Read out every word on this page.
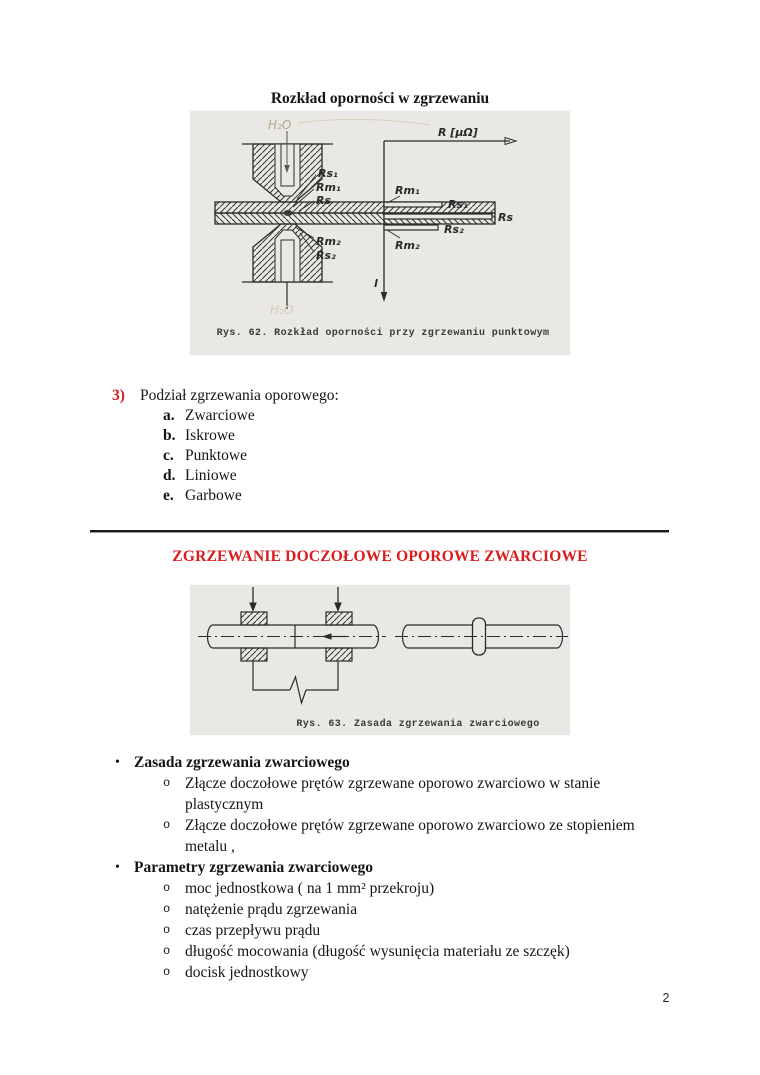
Rozkład oporności w zgrzewaniu
H₂O
H₂O
Rs₁
Rm₁
Rs
Rm₂
Rs₂
R [μΩ]
l
Rm₁
Rs₁
Rs
Rs₂
Rm₂
Rys. 62. Rozkład oporności przy zgrzewaniu punktowym
3) Podział zgrzewania oporowego:
a. Zwarciowe
b. Iskrowe
c. Punktowe
d. Liniowe
e. Garbowe
ZGRZEWANIE DOCZOŁOWE OPOROWE ZWARCIOWE
Rys. 63. Zasada zgrzewania zwarciowego
• Zasada zgrzewania zwarciowego
o Złącze doczołowe prętów zgrzewane oporowo zwarciowo w stanie plastycznym
o Złącze doczołowe prętów zgrzewane oporowo zwarciowo ze stopieniem metalu ,
• Parametry zgrzewania zwarciowego
o moc jednostkowa ( na 1 mm² przekroju)
o natężenie prądu zgrzewania
o czas przepływu prądu
o długość mocowania (długość wysunięcia materiału ze szczęk)
o docisk jednostkowy
2
